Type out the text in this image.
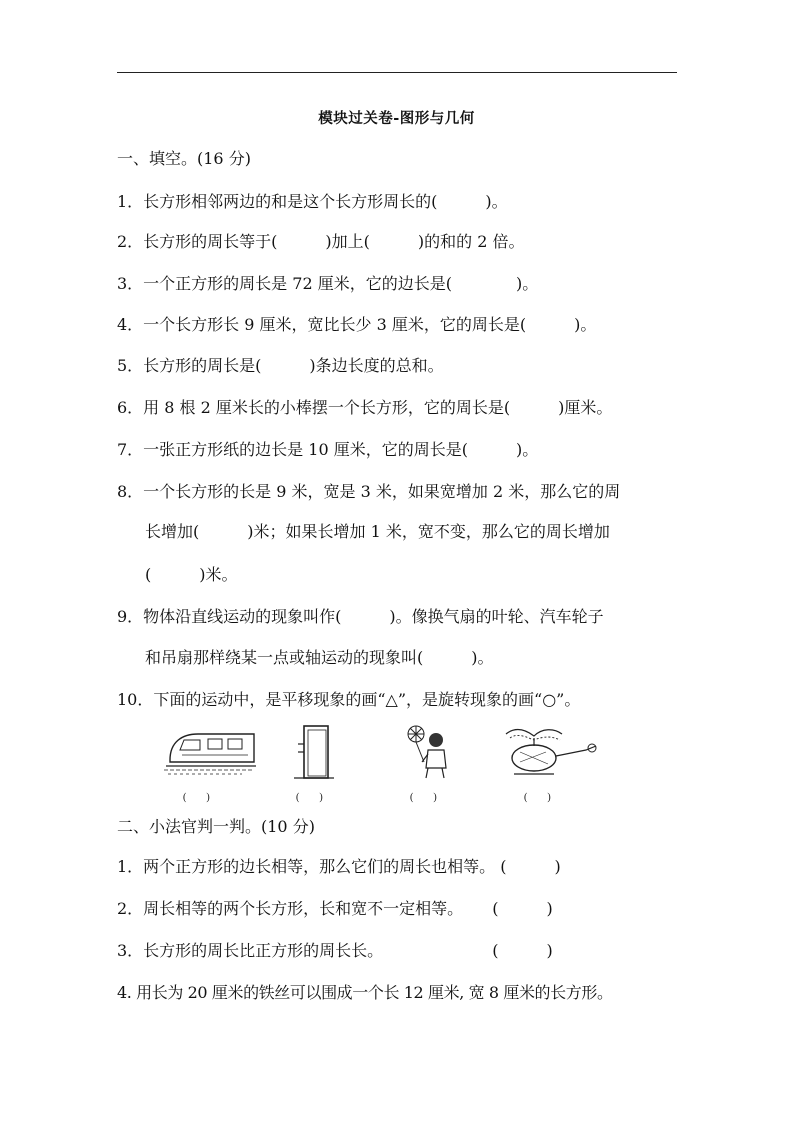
模块过关卷-图形与几何
一、填空。(16 分)
1．长方形相邻两边的和是这个长方形周长的(　　　)。
2．长方形的周长等于(　　　)加上(　　　)的和的 2 倍。
3．一个正方形的周长是 72 厘米，它的边长是(　　　　)。
4．一个长方形长 9 厘米，宽比长少 3 厘米，它的周长是(　　　)。
5．长方形的周长是(　　　)条边长度的总和。
6．用 8 根 2 厘米长的小棒摆一个长方形，它的周长是(　　　)厘米。
7．一张正方形纸的边长是 10 厘米，它的周长是(　　　)。
8．一个长方形的长是 9 米，宽是 3 米，如果宽增加 2 米，那么它的周
长增加(　　　)米；如果长增加 1 米，宽不变，那么它的周长增加
(　　　)米。
9．物体沿直线运动的现象叫作(　　　)。像换气扇的叶轮、汽车轮子
和吊扇那样绕某一点或轴运动的现象叫(　　　)。
10．下面的运动中，是平移现象的画“△”，是旋转现象的画“○”。
(　　)	(　　)	(　　)	(　　)
二、小法官判一判。(10 分)
1．两个正方形的边长相等，那么它们的周长也相等。 (　　　)
2．周长相等的两个长方形，长和宽不一定相等。　　 (　　　)
3．长方形的周长比正方形的周长长。　　　　　　　 (　　　)
4. 用长为 20 厘米的铁丝可以围成一个长 12 厘米, 宽 8 厘米的长方形。
